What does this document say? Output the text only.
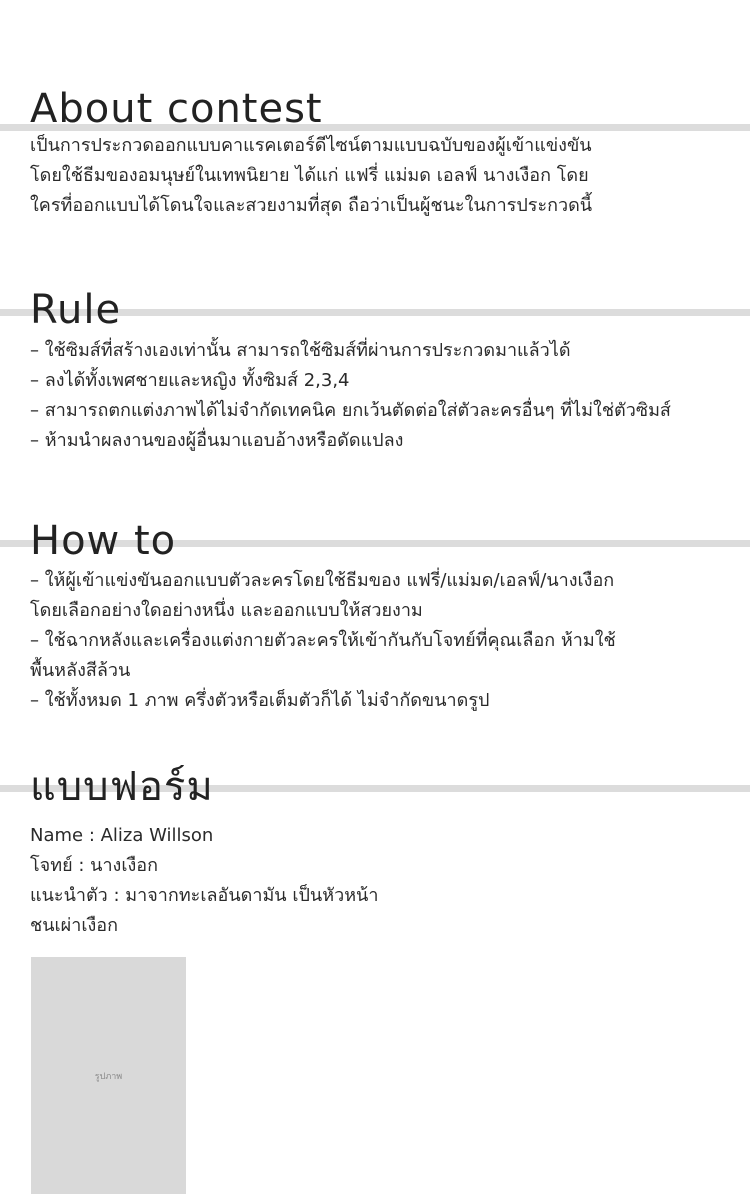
About contest

เป็นการประกวดออกแบบคาแรคเตอร์ดีไซน์ตามแบบฉบับของผู้เข้าแข่งขัน
โดยใช้ธีมของอมนุษย์ในเทพนิยาย ได้แก่ แฟรี่ แม่มด เอลฟ์ นางเงือก โดย
ใครที่ออกแบบได้โดนใจและสวยงามที่สุด ถือว่าเป็นผู้ชนะในการประกวดนี้

Rule

– ใช้ซิมส์ที่สร้างเองเท่านั้น สามารถใช้ซิมส์ที่ผ่านการประกวดมาแล้วได้
– ลงได้ทั้งเพศชายและหญิง ทั้งซิมส์ 2,3,4
– สามารถตกแต่งภาพได้ไม่จำกัดเทคนิค ยกเว้นตัดต่อใส่ตัวละครอื่นๆ ที่ไม่ใช่ตัวซิมส์
– ห้ามนำผลงานของผู้อื่นมาแอบอ้างหรือดัดแปลง

How to

– ให้ผู้เข้าแข่งขันออกแบบตัวละครโดยใช้ธีมของ แฟรี่/แม่มด/เอลฟ์/นางเงือก
โดยเลือกอย่างใดอย่างหนึ่ง และออกแบบให้สวยงาม
– ใช้ฉากหลังและเครื่องแต่งกายตัวละครให้เข้ากันกับโจทย์ที่คุณเลือก ห้ามใช้
พื้นหลังสีล้วน
– ใช้ทั้งหมด 1 ภาพ ครึ่งตัวหรือเต็มตัวก็ได้ ไม่จำกัดขนาดรูป

แบบฟอร์ม

Name : Aliza Willson
โจทย์ : นางเงือก
แนะนำตัว : มาจากทะเลอันดามัน เป็นหัวหน้า
ชนเผ่าเงือก

รูปภาพ
